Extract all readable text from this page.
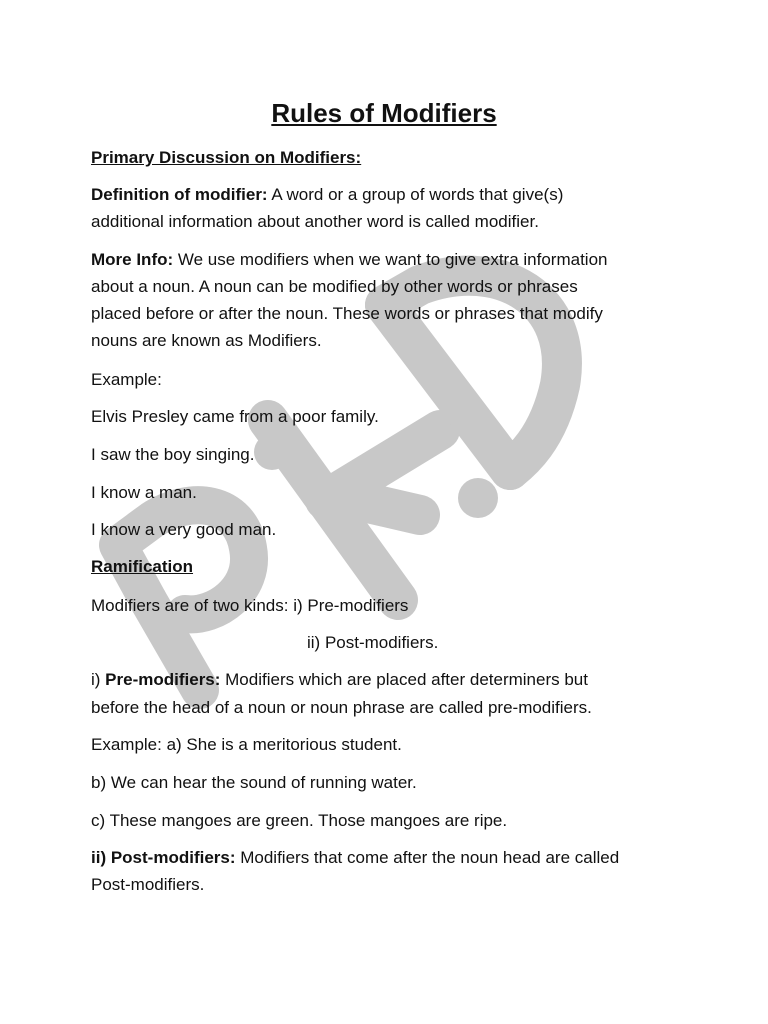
Rules of Modifiers

Primary Discussion on Modifiers:

Definition of modifier: A word or a group of words that give(s)

additional information about another word is called modifier.

More Info: We use modifiers when we want to give extra information

about a noun. A noun can be modified by other words or phrases

placed before or after the noun. These words or phrases that modify

nouns are known as Modifiers.

Example:

Elvis Presley came from a poor family.

I saw the boy singing.

I know a man.

I know a very good man.

Ramification

Modifiers are of two kinds: i) Pre-modifiers

ii) Post-modifiers.

i) Pre-modifiers: Modifiers which are placed after determiners but

before the head of a noun or noun phrase are called pre-modifiers.

Example: a) She is a meritorious student.

b) We can hear the sound of running water.

c) These mangoes are green. Those mangoes are ripe.

ii) Post-modifiers: Modifiers that come after the noun head are called

Post-modifiers.
